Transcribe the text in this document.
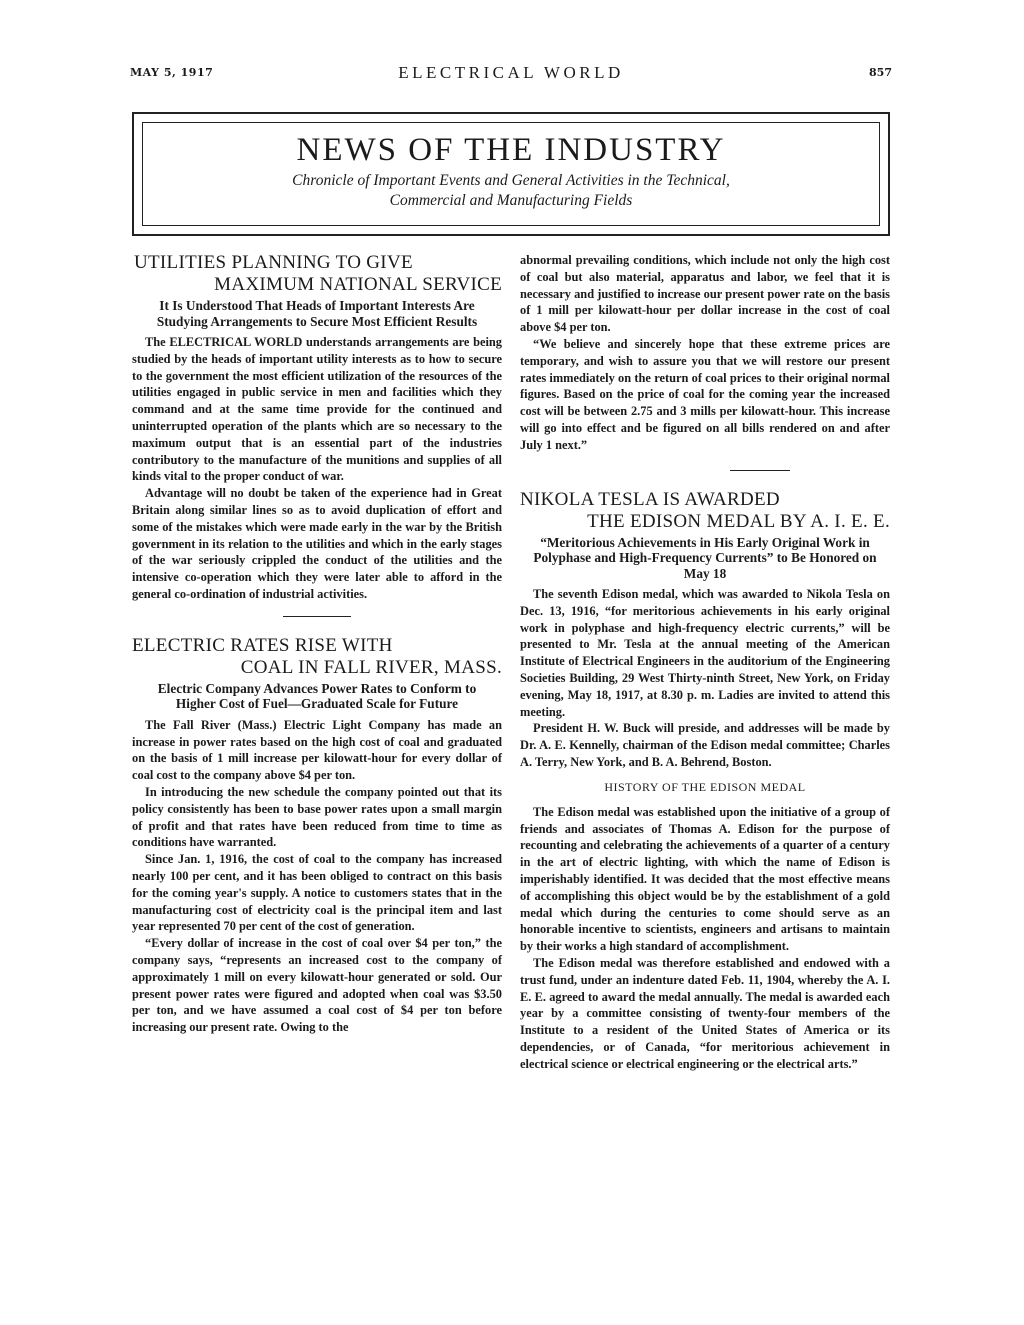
MAY 5, 1917	ELECTRICAL WORLD	857
NEWS OF THE INDUSTRY
Chronicle of Important Events and General Activities in the Technical,
Commercial and Manufacturing Fields
UTILITIES PLANNING TO GIVE
MAXIMUM NATIONAL SERVICE
It Is Understood That Heads of Important Interests Are Studying Arrangements to Secure Most Efficient Results

The ELECTRICAL WORLD understands arrangements are being studied by the heads of important utility interests as to how to secure to the government the most efficient utilization of the resources of the utilities engaged in public service in men and facilities which they command and at the same time provide for the continued and uninterrupted operation of the plants which are so necessary to the maximum output that is an essential part of the industries contributory to the manufacture of the munitions and supplies of all kinds vital to the proper conduct of war.

Advantage will no doubt be taken of the experience had in Great Britain along similar lines so as to avoid duplication of effort and some of the mistakes which were made early in the war by the British government in its relation to the utilities and which in the early stages of the war seriously crippled the conduct of the utilities and the intensive co-operation which they were later able to afford in the general co-ordination of industrial activities.

ELECTRIC RATES RISE WITH
COAL IN FALL RIVER, MASS.
Electric Company Advances Power Rates to Conform to Higher Cost of Fuel—Graduated Scale for Future

The Fall River (Mass.) Electric Light Company has made an increase in power rates based on the high cost of coal and graduated on the basis of 1 mill increase per kilowatt-hour for every dollar of coal cost to the company above $4 per ton.

In introducing the new schedule the company pointed out that its policy consistently has been to base power rates upon a small margin of profit and that rates have been reduced from time to time as conditions have warranted.

Since Jan. 1, 1916, the cost of coal to the company has increased nearly 100 per cent, and it has been obliged to contract on this basis for the coming year's supply. A notice to customers states that in the manufacturing cost of electricity coal is the principal item and last year represented 70 per cent of the cost of generation.

“Every dollar of increase in the cost of coal over $4 per ton,” the company says, “represents an increased cost to the company of approximately 1 mill on every kilowatt-hour generated or sold. Our present power rates were figured and adopted when coal was $3.50 per ton, and we have assumed a coal cost of $4 per ton before increasing our present rate. Owing to the

abnormal prevailing conditions, which include not only the high cost of coal but also material, apparatus and labor, we feel that it is necessary and justified to increase our present power rate on the basis of 1 mill per kilowatt-hour per dollar increase in the cost of coal above $4 per ton.

“We believe and sincerely hope that these extreme prices are temporary, and wish to assure you that we will restore our present rates immediately on the return of coal prices to their original normal figures. Based on the price of coal for the coming year the increased cost will be between 2.75 and 3 mills per kilowatt-hour. This increase will go into effect and be figured on all bills rendered on and after July 1 next.”

NIKOLA TESLA IS AWARDED
THE EDISON MEDAL BY A. I. E. E.
“Meritorious Achievements in His Early Original Work in Polyphase and High-Frequency Currents” to Be Honored on May 18

The seventh Edison medal, which was awarded to Nikola Tesla on Dec. 13, 1916, “for meritorious achievements in his early original work in polyphase and high-frequency electric currents,” will be presented to Mr. Tesla at the annual meeting of the American Institute of Electrical Engineers in the auditorium of the Engineering Societies Building, 29 West Thirty-ninth Street, New York, on Friday evening, May 18, 1917, at 8.30 p. m. Ladies are invited to attend this meeting.

President H. W. Buck will preside, and addresses will be made by Dr. A. E. Kennelly, chairman of the Edison medal committee; Charles A. Terry, New York, and B. A. Behrend, Boston.

HISTORY OF THE EDISON MEDAL

The Edison medal was established upon the initiative of a group of friends and associates of Thomas A. Edison for the purpose of recounting and celebrating the achievements of a quarter of a century in the art of electric lighting, with which the name of Edison is imperishably identified. It was decided that the most effective means of accomplishing this object would be by the establishment of a gold medal which during the centuries to come should serve as an honorable incentive to scientists, engineers and artisans to maintain by their works a high standard of accomplishment.

The Edison medal was therefore established and endowed with a trust fund, under an indenture dated Feb. 11, 1904, whereby the A. I. E. E. agreed to award the medal annually. The medal is awarded each year by a committee consisting of twenty-four members of the Institute to a resident of the United States of America or its dependencies, or of Canada, “for meritorious achievement in electrical science or electrical engineering or the electrical arts.”
